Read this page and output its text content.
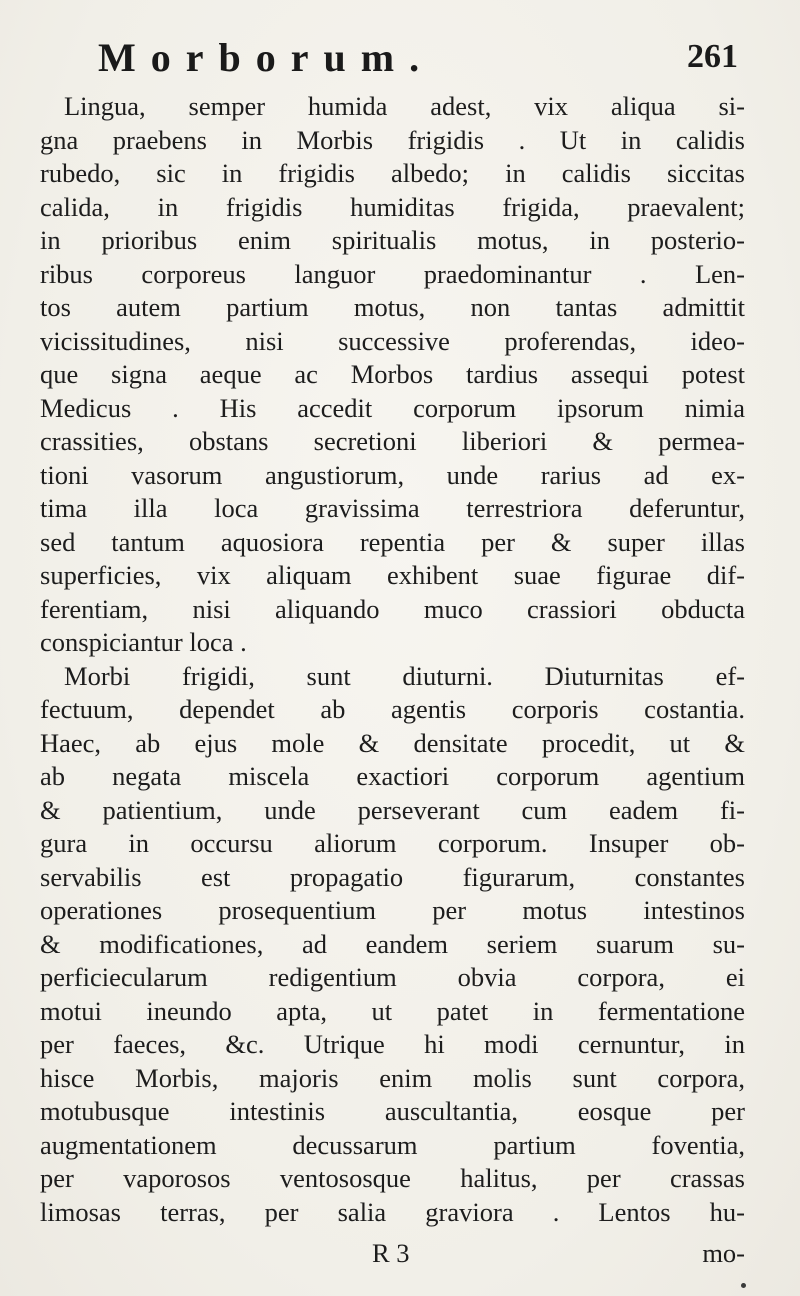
Morborum.	261
Lingua, semper humida adest, vix aliqua si-
gna praebens in Morbis frigidis . Ut in calidis
rubedo, sic in frigidis albedo; in calidis siccitas
calida, in frigidis humiditas frigida, praevalent;
in prioribus enim spiritualis motus, in posterio-
ribus corporeus languor praedominantur . Len-
tos autem partium motus, non tantas admittit
vicissitudines, nisi successive proferendas, ideo-
que signa aeque ac Morbos tardius assequi potest
Medicus . His accedit corporum ipsorum nimia
crassities, obstans secretioni liberiori & permea-
tioni vasorum angustiorum, unde rarius ad ex-
tima illa loca gravissima terrestriora deferuntur,
sed tantum aquosiora repentia per & super illas
superficies, vix aliquam exhibent suae figurae dif-
ferentiam, nisi aliquando muco crassiori obducta
conspiciantur loca .
Morbi frigidi, sunt diuturni. Diuturnitas ef-
fectuum, dependet ab agentis corporis costantia.
Haec, ab ejus mole & densitate procedit, ut &
ab negata miscela exactiori corporum agentium
& patientium, unde perseverant cum eadem fi-
gura in occursu aliorum corporum. Insuper ob-
servabilis est propagatio figurarum, constantes
operationes prosequentium per motus intestinos
& modificationes, ad eandem seriem suarum su-
perficiecularum redigentium obvia corpora, ei
motui ineundo apta, ut patet in fermentatione
per faeces, &c. Utrique hi modi cernuntur, in
hisce Morbis, majoris enim molis sunt corpora,
motubusque intestinis auscultantia, eosque per
augmentationem decussarum partium foventia,
per vaporosos ventososque halitus, per crassas
limosas terras, per salia graviora . Lentos hu-
R 3	mo-
